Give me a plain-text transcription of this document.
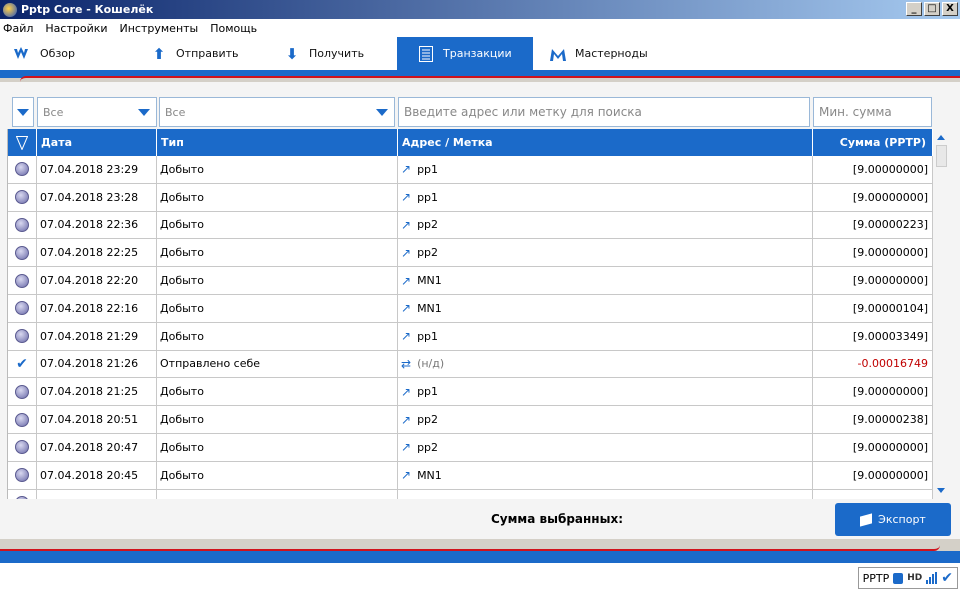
Pptp Core - Кошелёк	_	□ X
Файл Настройки Инструменты Помощь
Обзор	⬆ Отправить	⬇ Получить	Транзакции	Мастерноды
Все	Все	Введите адрес или метку для поиска	Мин. сумма
Дата	Тип	Адрес / Метка	Сумма (PPTP)
07.04.2018 23:29	Добыто	↗ pp1	[9.00000000]
07.04.2018 23:28	Добыто	↗ pp1	[9.00000000]
07.04.2018 22:36	Добыто	↗ pp2	[9.00000223]
07.04.2018 22:25	Добыто	↗ pp2	[9.00000000]
07.04.2018 22:20	Добыто	↗ MN1	[9.00000000]
07.04.2018 22:16	Добыто	↗ MN1	[9.00000104]
07.04.2018 21:29	Добыто	↗ pp1	[9.00003349]
✔ 07.04.2018 21:26	Отправлено себе	⇄ (н/д)	-0.00016749
07.04.2018 21:25	Добыто	↗ pp1	[9.00000000]
07.04.2018 20:51	Добыто	↗ pp2	[9.00000238]
07.04.2018 20:47	Добыто	↗ pp2	[9.00000000]
07.04.2018 20:45	Добыто	↗ MN1	[9.00000000]
Сумма выбранных:	Экспорт
PPTP HD ✔
